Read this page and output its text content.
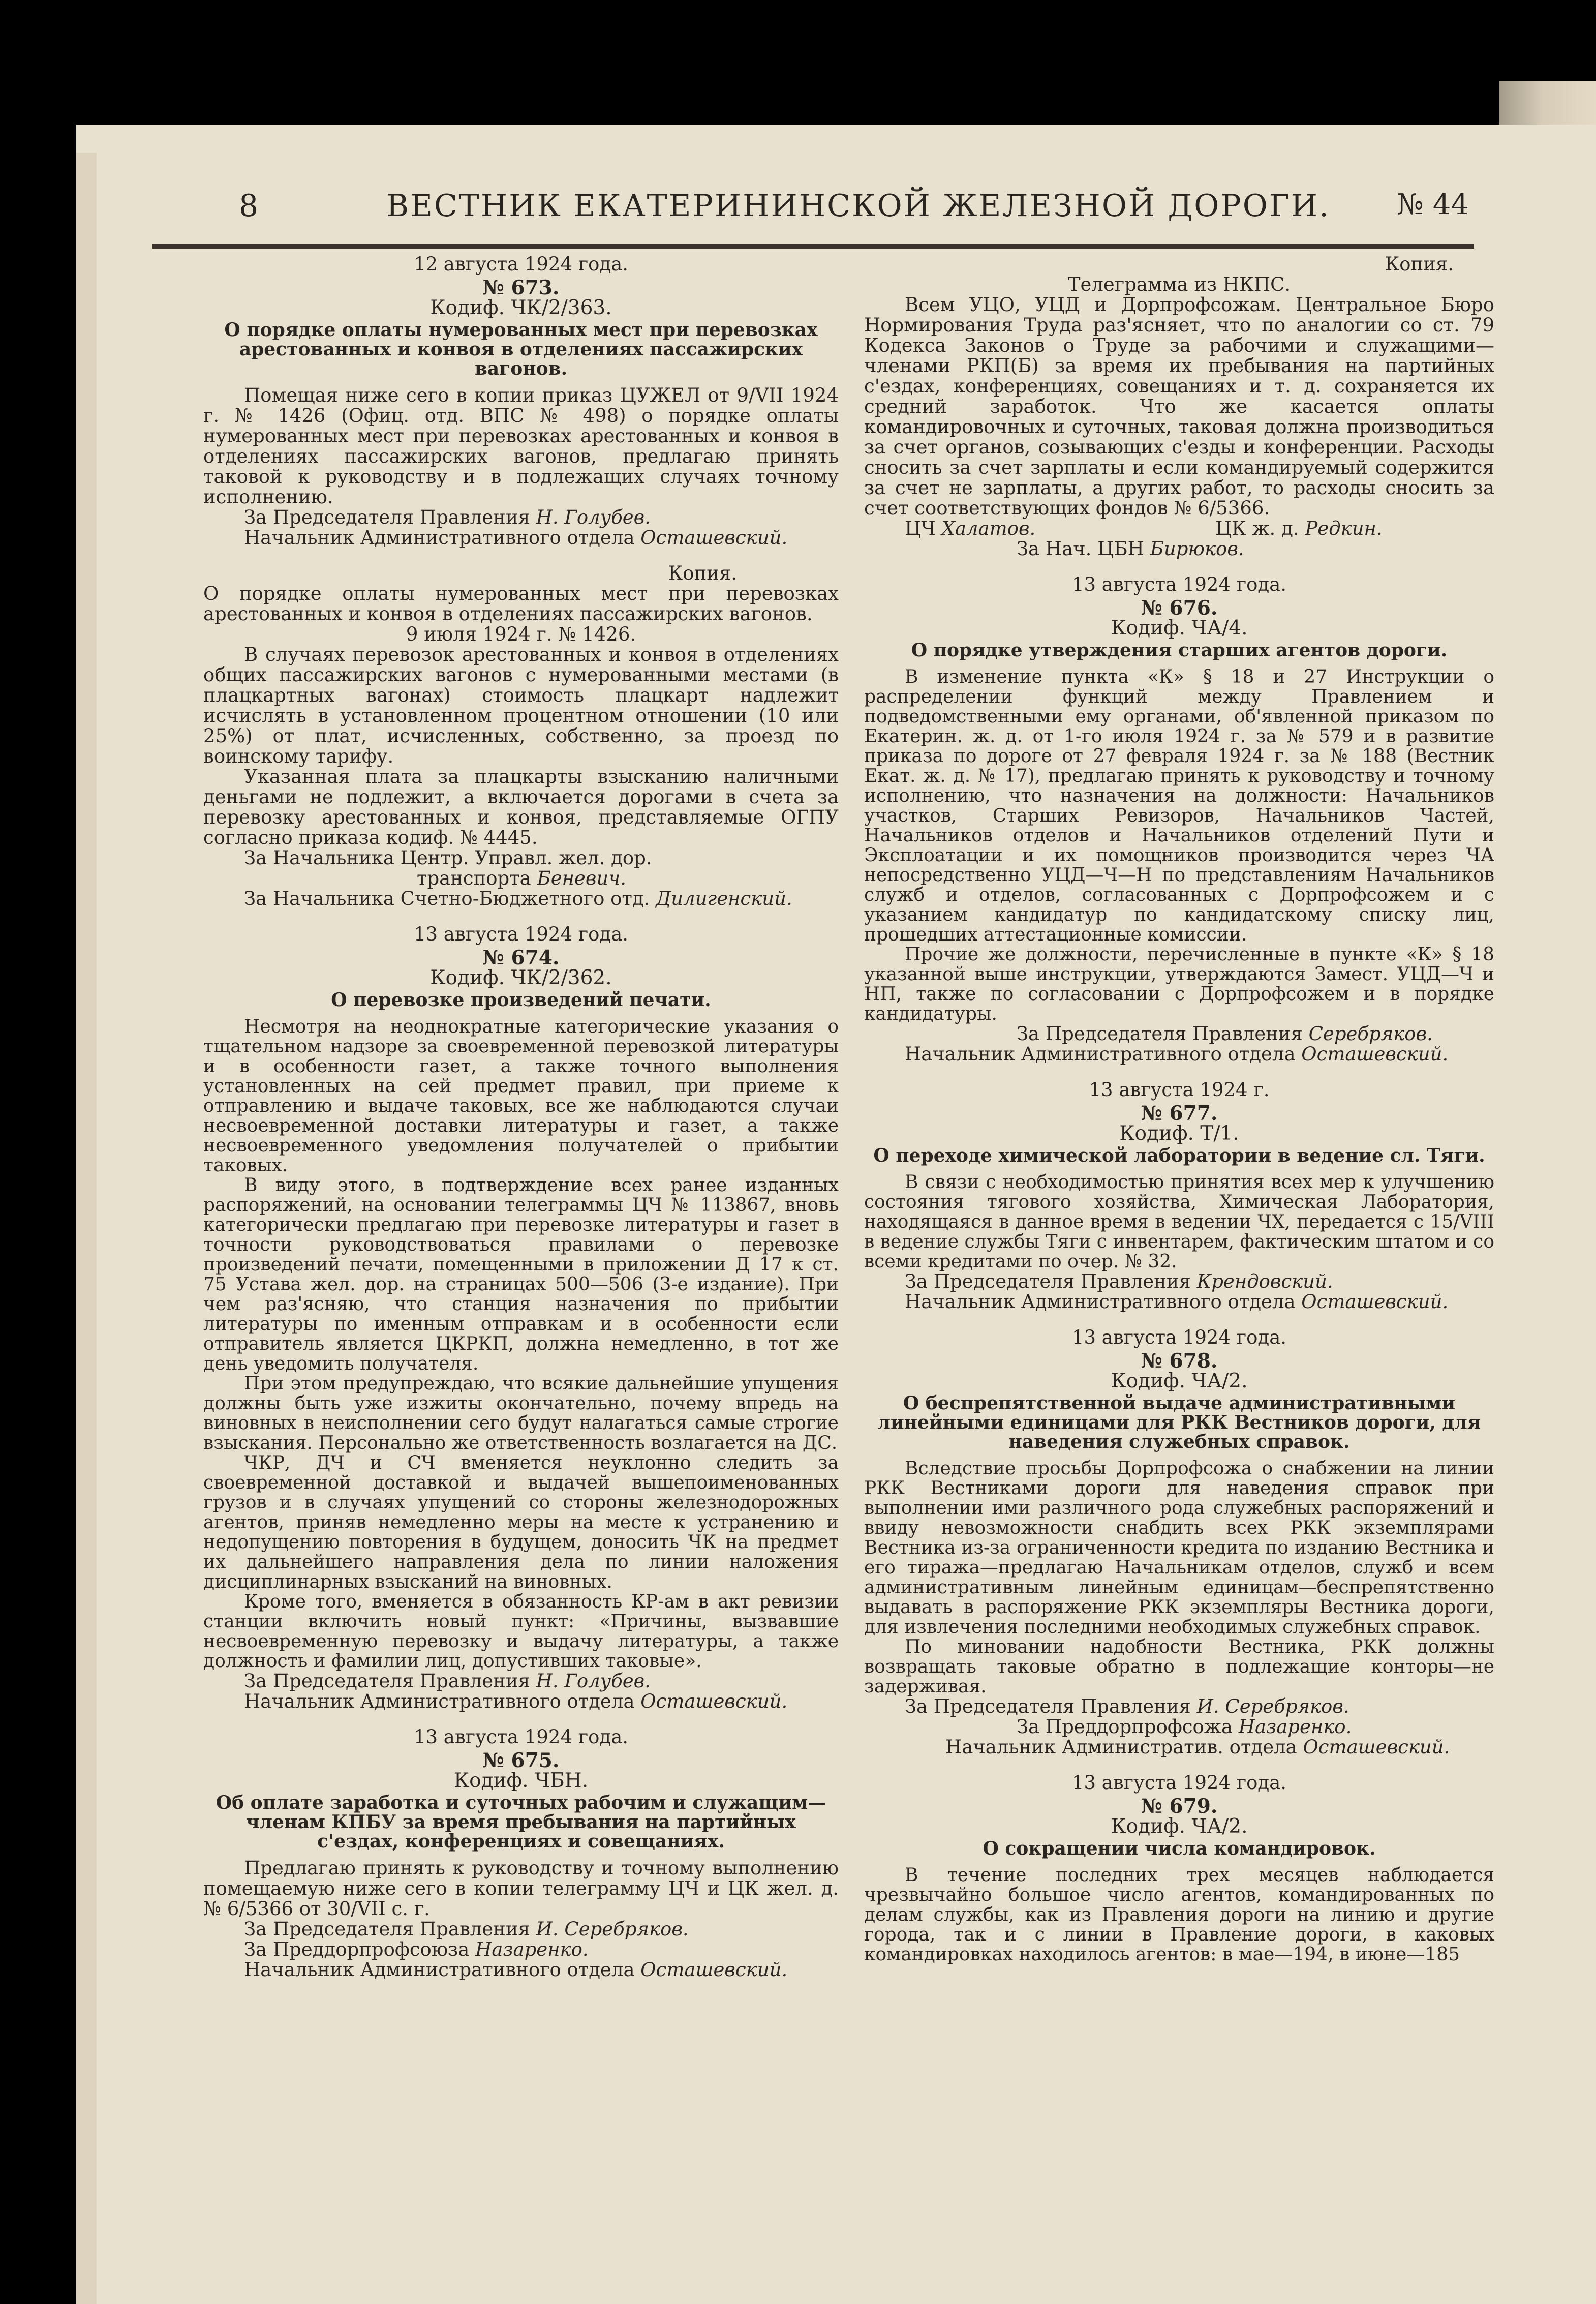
8	ВЕСТНИК ЕКАТЕРИНИНСКОЙ ЖЕЛЕЗНОЙ ДОРОГИ. № 44
12 августа 1924 года.
№ 673.
Кодиф. ЧК/2/363.
О порядке оплаты нумерованных мест при перевозках арестованных и конвоя в отделениях пассажирских вагонов.

Помещая ниже сего в копии приказ ЦУЖЕЛ от 9/VII 1924 г. № 1426 (Офиц. отд. ВПС № 498) о порядке оплаты нумерованных мест при перевозках арестованных и конвоя в отделениях пассажирских вагонов, предлагаю принять таковой к руководству и в подлежащих случаях точному исполнению.

За Председателя Правления Н. Голубев.
Начальник Административного отдела Осташевский.
Копия.

О порядке оплаты нумерованных мест при перевозках арестованных и конвоя в отделениях пассажирских вагонов.

9 июля 1924 г. № 1426.

В случаях перевозок арестованных и конвоя в отделениях общих пассажирских вагонов с нумерованными местами (в плацкартных вагонах) стоимость плацкарт надлежит исчислять в установленном процентном отношении (10 или 25%) от плат, исчисленных, собственно, за проезд по воинскому тарифу.

Указанная плата за плацкарты взысканию наличными деньгами не подлежит, а включается дорогами в счета за перевозку арестованных и конвоя, представляемые ОГПУ согласно приказа кодиф. № 4445.

За Начальника Центр. Управл. жел. дор.
транспорта Беневич.
За Начальника Счетно-Бюджетного отд. Дилигенский.
13 августа 1924 года.
№ 674.
Кодиф. ЧК/2/362.
О перевозке произведений печати.

Несмотря на неоднократные категорические указания о тщательном надзоре за своевременной перевозкой литературы и в особенности газет, а также точного выполнения установленных на сей предмет правил, при приеме к отправлению и выдаче таковых, все же наблюдаются случаи несвоевременной доставки литературы и газет, а также несвоевременного уведомления получателей о прибытии таковых.

В виду этого, в подтверждение всех ранее изданных распоряжений, на основании телеграммы ЦЧ № 113867, вновь категорически предлагаю при перевозке литературы и газет в точности руководствоваться правилами о перевозке произведений печати, помещенными в приложении Д 17 к ст. 75 Устава жел. дор. на страницах 500—506 (3-е издание). При чем раз'ясняю, что станция назначения по прибытии литературы по именным отправкам и в особенности если отправитель является ЦКРКП, должна немедленно, в тот же день уведомить получателя.

При этом предупреждаю, что всякие дальнейшие упущения должны быть уже изжиты окончательно, почему впредь на виновных в неисполнении сего будут налагаться самые строгие взыскания. Персонально же ответственность возлагается на ДС.

ЧКР, ДЧ и СЧ вменяется неуклонно следить за своевременной доставкой и выдачей вышепоименованных грузов и в случаях упущений со стороны железнодорожных агентов, приняв немедленно меры на месте к устранению и недопущению повторения в будущем, доносить ЧК на предмет их дальнейшего направления дела по линии наложения дисциплинарных взысканий на виновных.

Кроме того, вменяется в обязанность КР-ам в акт ревизии станции включить новый пункт: «Причины, вызвавшие несвоевременную перевозку и выдачу литературы, а также должность и фамилии лиц, допустивших таковые».

За Председателя Правления Н. Голубев.
Начальник Административного отдела Осташевский.
13 августа 1924 года.
№ 675.
Кодиф. ЧБН.
Об оплате заработка и суточных рабочим и служащим—членам КПБУ за время пребывания на партийных с'ездах, конференциях и совещаниях.

Предлагаю принять к руководству и точному выполнению помещаемую ниже сего в копии телеграмму ЦЧ и ЦК жел. д. № 6/5366 от 30/VII с. г.

За Председателя Правления И. Серебряков.
За Преддорпрофсоюза Назаренко.
Начальник Административного отдела Осташевский.
Копия.
Телеграмма из НКПС.

Всем УЦО, УЦД и Дорпрофсожам. Центральное Бюро Нормирования Труда раз'ясняет, что по аналогии со ст. 79 Кодекса Законов о Труде за рабочими и служащими—членами РКП(Б) за время их пребывания на партийных с'ездах, конференциях, совещаниях и т. д. сохраняется их средний заработок. Что же касается оплаты командировочных и суточных, таковая должна производиться за счет органов, созывающих с'езды и конференции. Расходы сносить за счет зарплаты и если командируемый содержится за счет не зарплаты, а других работ, то расходы сносить за счет соответствующих фондов № 6/5366.

ЦЧ Халатов.	ЦК ж. д. Редкин.
За Нач. ЦБН Бирюков.
13 августа 1924 года.
№ 676.
Кодиф. ЧА/4.
О порядке утверждения старших агентов дороги.

В изменение пункта «К» § 18 и 27 Инструкции о распределении функций между Правлением и подведомственными ему органами, об'явленной приказом по Екатерин. ж. д. от 1-го июля 1924 г. за № 579 и в развитие приказа по дороге от 27 февраля 1924 г. за № 188 (Вестник Екат. ж. д. № 17), предлагаю принять к руководству и точному исполнению, что назначения на должности: Начальников участков, Старших Ревизоров, Начальников Частей, Начальников отделов и Начальников отделений Пути и Эксплоатации и их помощников производится через ЧА непосредственно УЦД—Ч—Н по представлениям Начальников служб и отделов, согласованных с Дорпрофсожем и с указанием кандидатур по кандидатскому списку лиц, прошедших аттестационные комиссии.

Прочие же должности, перечисленные в пункте «К» § 18 указанной выше инструкции, утверждаются Замест. УЦД—Ч и НП, также по согласовании с Дорпрофсожем и в порядке кандидатуры.

За Председателя Правления Серебряков.
Начальник Административного отдела Осташевский.
13 августа 1924 г.
№ 677.
Кодиф. Т/1.
О переходе химической лаборатории в ведение сл. Тяги.

В связи с необходимостью принятия всех мер к улучшению состояния тягового хозяйства, Химическая Лаборатория, находящаяся в данное время в ведении ЧХ, передается с 15/VIII в ведение службы Тяги с инвентарем, фактическим штатом и со всеми кредитами по очер. № 32.

За Председателя Правления Крендовский.
Начальник Административного отдела Осташевский.
13 августа 1924 года.
№ 678.
Кодиф. ЧА/2.
О беспрепятственной выдаче административными линейными единицами для РКК Вестников дороги, для наведения служебных справок.

Вследствие просьбы Дорпрофсожа о снабжении на линии РКК Вестниками дороги для наведения справок при выполнении ими различного рода служебных распоряжений и ввиду невозможности снабдить всех РКК экземплярами Вестника из-за ограниченности кредита по изданию Вестника и его тиража—предлагаю Начальникам отделов, служб и всем административным линейным единицам—беспрепятственно выдавать в распоряжение РКК экземпляры Вестника дороги, для извлечения последними необходимых служебных справок.

По миновании надобности Вестника, РКК должны возвращать таковые обратно в подлежащие конторы—не задерживая.

За Председателя Правления И. Серебряков.
За Преддорпрофсожа Назаренко.
Начальник Административ. отдела Осташевский.
13 августа 1924 года.
№ 679.
Кодиф. ЧА/2.
О сокращении числа командировок.

В течение последних трех месяцев наблюдается чрезвычайно большое число агентов, командированных по делам службы, как из Правления дороги на линию и другие города, так и с линии в Правление дороги, в каковых командировках находилось агентов: в мае—194, в июне—185
